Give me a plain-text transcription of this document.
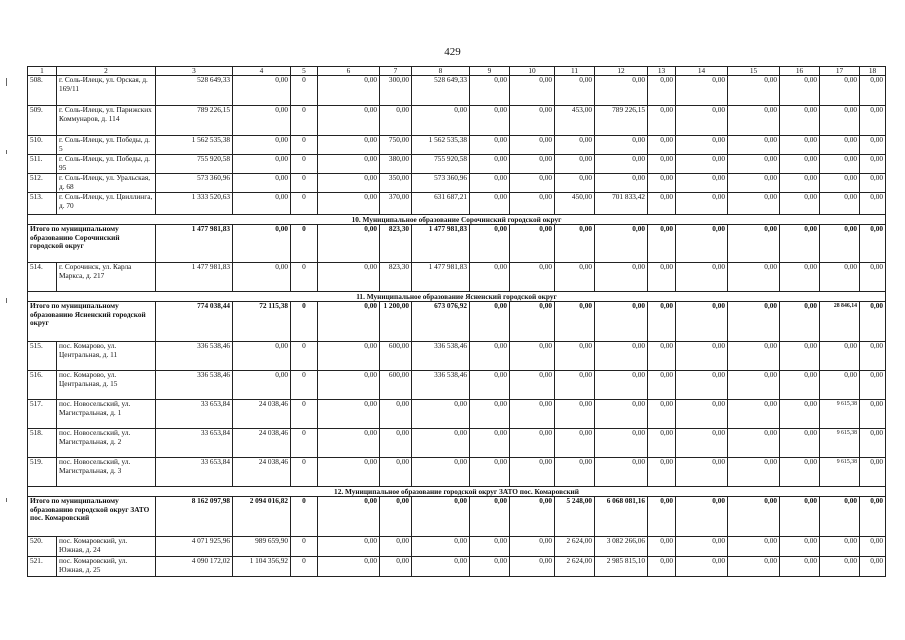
429
1	2	3	4	5	6	7	8	9	10	11	12	13	14	15	16	17	18
508.	г. Соль-Илецк, ул. Орская, д. 169/11	528 649,33	0,00	0	0,00	300,00	528 649,33	0,00	0,00	0,00	0,00	0,00	0,00	0,00	0,00	0,00	0,00
509.	г. Соль-Илецк, ул. Парижских Коммунаров, д. 114	789 226,15	0,00	0	0,00	0,00	0,00	0,00	0,00	453,00	789 226,15	0,00	0,00	0,00	0,00	0,00	0,00
510.	г. Соль-Илецк, ул. Победы, д. 5	1 562 535,38	0,00	0	0,00	750,00	1 562 535,38	0,00	0,00	0,00	0,00	0,00	0,00	0,00	0,00	0,00	0,00
511.	г. Соль-Илецк, ул. Победы, д. 95	755 920,58	0,00	0	0,00	380,00	755 920,58	0,00	0,00	0,00	0,00	0,00	0,00	0,00	0,00	0,00	0,00
512.	г. Соль-Илецк, ул. Уральская, д. 68	573 360,96	0,00	0	0,00	350,00	573 360,96	0,00	0,00	0,00	0,00	0,00	0,00	0,00	0,00	0,00	0,00
513.	г. Соль-Илецк, ул. Цвиллинга, д. 70	1 333 520,63	0,00	0	0,00	370,00	631 687,21	0,00	0,00	450,00	701 833,42	0,00	0,00	0,00	0,00	0,00	0,00
10. Муниципальное образование Сорочинский городской округ																	
Итого по муниципальному образованию Сорочинский городской округ		1 477 981,83	0,00	0	0,00	823,30	1 477 981,83	0,00	0,00	0,00	0,00	0,00	0,00	0,00	0,00	0,00	0,00
514.	г. Сорочинск, ул. Карла Маркса, д. 217	1 477 981,83	0,00	0	0,00	823,30	1 477 981,83	0,00	0,00	0,00	0,00	0,00	0,00	0,00	0,00	0,00	0,00
11. Муниципальное образование Ясненский городской округ																	
Итого по муниципальному образованию Ясненский городской округ		774 038,44	72 115,38	0	0,00	1 200,00	673 076,92	0,00	0,00	0,00	0,00	0,00	0,00	0,00	0,00	28 846,14	0,00
515.	пос. Комарово, ул. Центральная, д. 11	336 538,46	0,00	0	0,00	600,00	336 538,46	0,00	0,00	0,00	0,00	0,00	0,00	0,00	0,00	0,00	0,00
516.	пос. Комарово, ул. Центральная, д. 15	336 538,46	0,00	0	0,00	600,00	336 538,46	0,00	0,00	0,00	0,00	0,00	0,00	0,00	0,00	0,00	0,00
517.	пос. Новосельский, ул. Магистральная, д. 1	33 653,84	24 038,46	0	0,00	0,00	0,00	0,00	0,00	0,00	0,00	0,00	0,00	0,00	0,00	9 615,38	0,00
518.	пос. Новосельский, ул. Магистральная, д. 2	33 653,84	24 038,46	0	0,00	0,00	0,00	0,00	0,00	0,00	0,00	0,00	0,00	0,00	0,00	9 615,38	0,00
519.	пос. Новосельский, ул. Магистральная, д. 3	33 653,84	24 038,46	0	0,00	0,00	0,00	0,00	0,00	0,00	0,00	0,00	0,00	0,00	0,00	9 615,38	0,00
12. Муниципальное образование городской округ ЗАТО пос. Комаровский																	
Итого по муниципальному образованию городской округ ЗАТО пос. Комаровский		8 162 097,98	2 094 016,82	0	0,00	0,00	0,00	0,00	0,00	5 248,00	6 068 081,16	0,00	0,00	0,00	0,00	0,00	0,00
520.	пос. Комаровский, ул. Южная, д. 24	4 071 925,96	989 659,90	0	0,00	0,00	0,00	0,00	0,00	2 624,00	3 082 266,06	0,00	0,00	0,00	0,00	0,00	0,00
521.	пос. Комаровский, ул. Южная, д. 25	4 090 172,02	1 104 356,92	0	0,00	0,00	0,00	0,00	0,00	2 624,00	2 985 815,10	0,00	0,00	0,00	0,00	0,00	0,00
